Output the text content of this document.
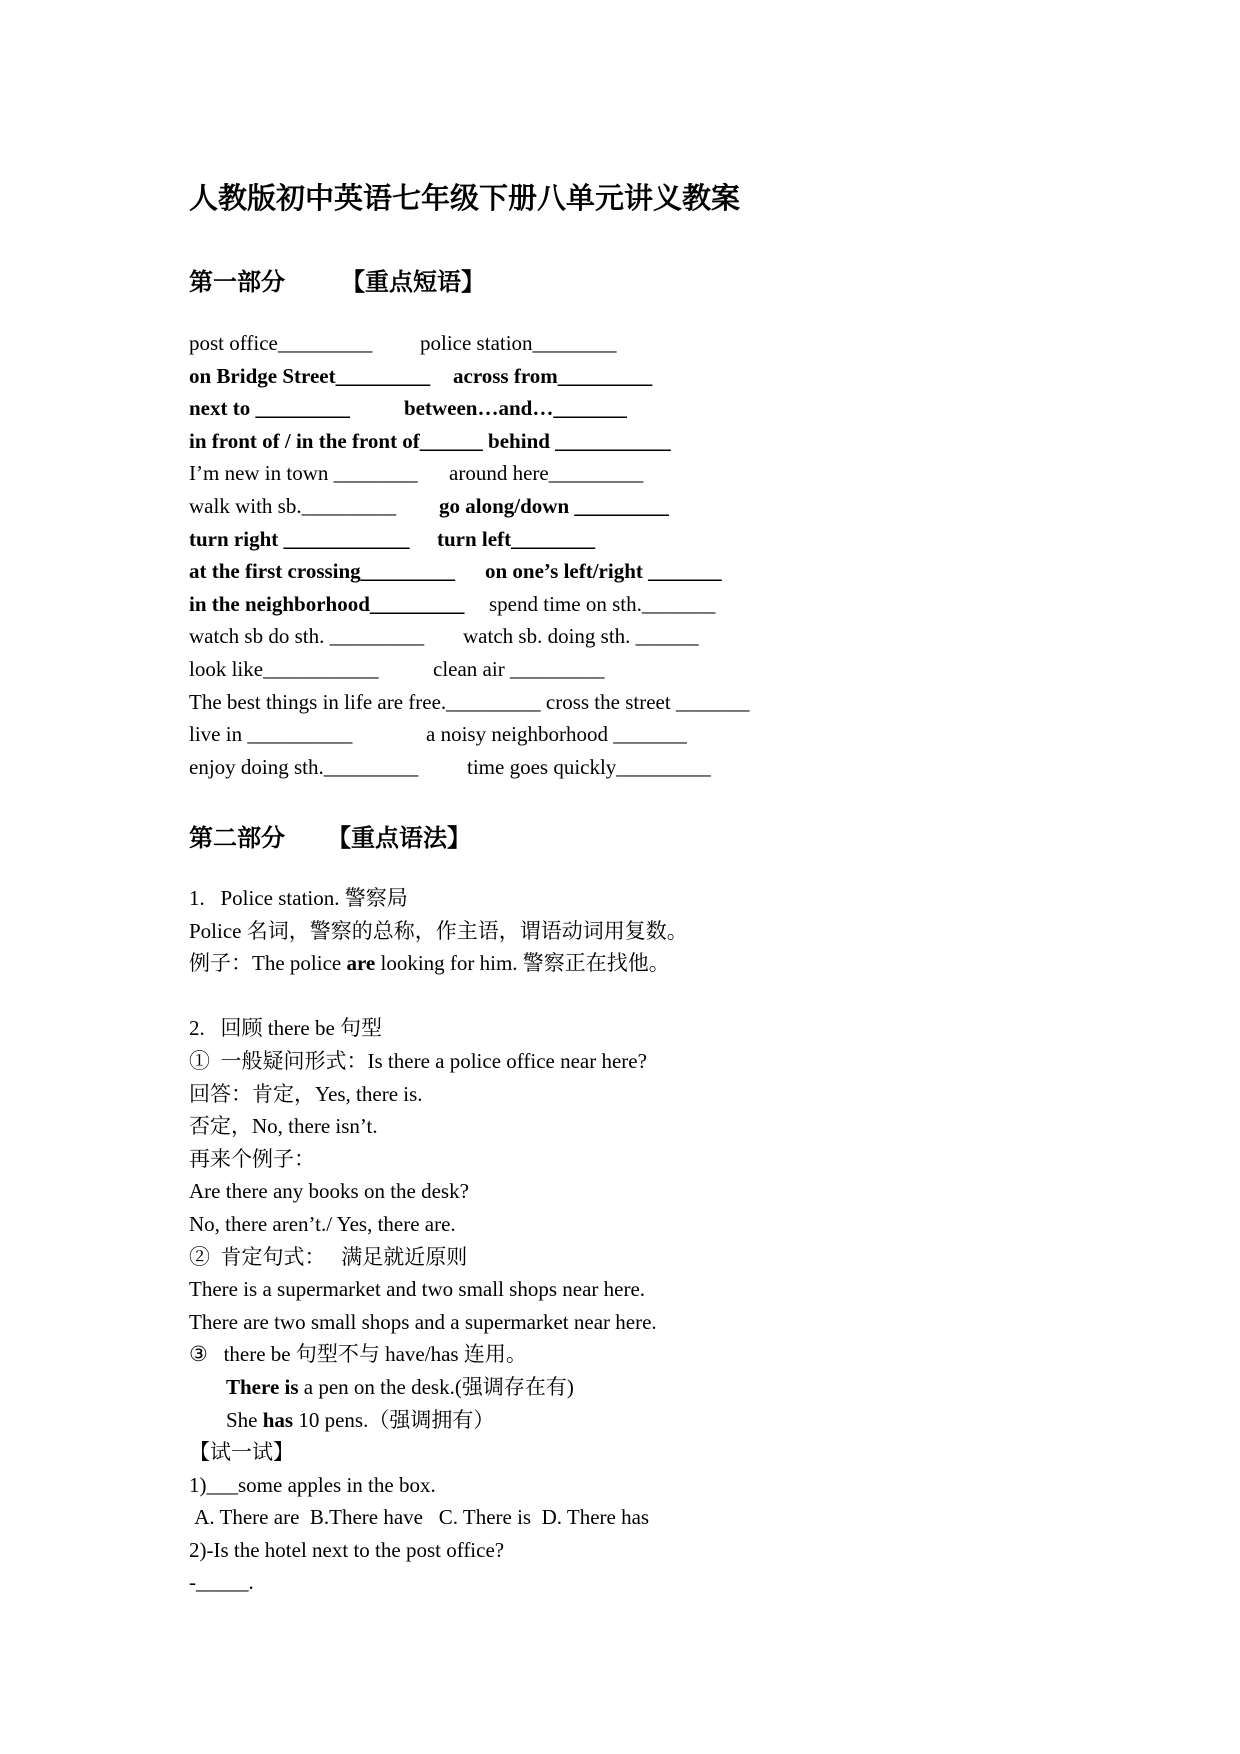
人教版初中英语七年级下册八单元讲义教案
第一部分 【重点短语】
post office_________ police station________
on Bridge Street_________ across from_________
next to _________	between…and…_______
in front of / in the front of______ behind ___________
I’m new in town ________ around here_________
walk with sb._________ go along/down _________
turn right ____________ turn left________
at the first crossing_________ on one’s left/right _______
in the neighborhood_________ spend time on sth._______
watch sb do sth. _________ watch sb. doing sth. ______
look like___________	clean air _________
The best things in life are free._________ cross the street _______
live in __________	a noisy neighborhood _______
enjoy doing sth._________ time goes quickly_________
第二部分 【重点语法】
1.   Police station. 警察局
Police 名词，警察的总称，作主语，谓语动词用复数。
例子：The police are looking for him. 警察正在找他。
2.   回顾 there be 句型
①  一般疑问形式：Is there a police office near here?
回答：肯定，Yes, there is.
否定，No, there isn’t.
再来个例子：
Are there any books on the desk?
No, there aren’t./ Yes, there are.
②  肯定句式：   满足就近原则
There is a supermarket and two small shops near here.
There are two small shops and a supermarket near here.
③   there be 句型不与 have/has 连用。
There is a pen on the desk.(强调存在有)
She has 10 pens.（强调拥有）
【试一试】
1)___some apples in the box.
A. There are  B.There have   C. There is  D. There has
2)-Is the hotel next to the post office?
-_____.
